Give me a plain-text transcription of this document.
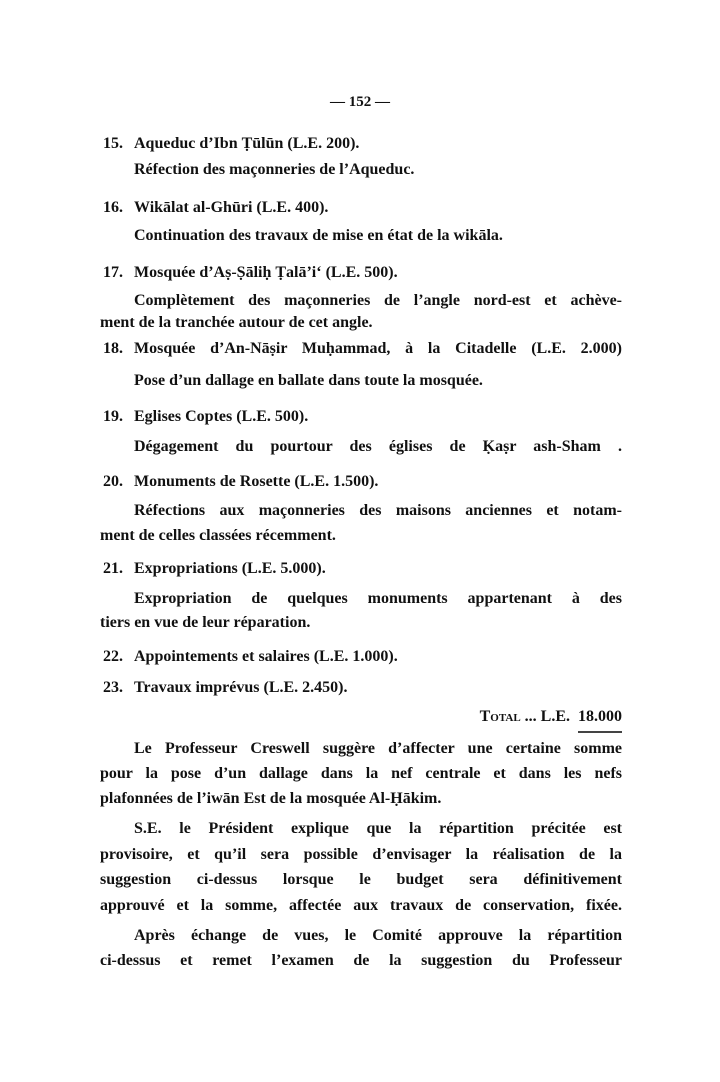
— 152 —
15. Aqueduc d’Ibn Ṭūlūn (L.E. 200).
Réfection des maçonneries de l’Aqueduc.
16. Wikālat al-Ghūri (L.E. 400).
Continuation des travaux de mise en état de la wikāla.
17. Mosquée d’Aṣ-Ṣāliḥ Ṭalā’i‘ (L.E. 500).
Complètement des maçonneries de l’angle nord-est et achève-
ment de la tranchée autour de cet angle.
18. Mosquée d’An-Nāṣir Muḥammad, à la Citadelle (L.E. 2.000)
Pose d’un dallage en ballate dans toute la mosquée.
19. Eglises Coptes (L.E. 500).
Dégagement du pourtour des églises de Ḳaṣr ash-Sham .
20. Monuments de Rosette (L.E. 1.500).
Réfections aux maçonneries des maisons anciennes et notam-
ment de celles classées récemment.
21. Expropriations (L.E. 5.000).
Expropriation de quelques monuments appartenant à des
tiers en vue de leur réparation.
22. Appointements et salaires (L.E. 1.000).
23. Travaux imprévus (L.E. 2.450).
Total ... L.E. 18.000
Le Professeur Creswell suggère d’affecter une certaine somme
pour la pose d’un dallage dans la nef centrale et dans les nefs
plafonnées de l’iwān Est de la mosquée Al-Ḥākim.
S.E. le Président explique que la répartition précitée est
provisoire, et qu’il sera possible d’envisager la réalisation de la
suggestion ci-dessus lorsque le budget sera définitivement
approuvé et la somme, affectée aux travaux de conservation, fixée.
Après échange de vues, le Comité approuve la répartition
ci-dessus et remet l’examen de la suggestion du Professeur
